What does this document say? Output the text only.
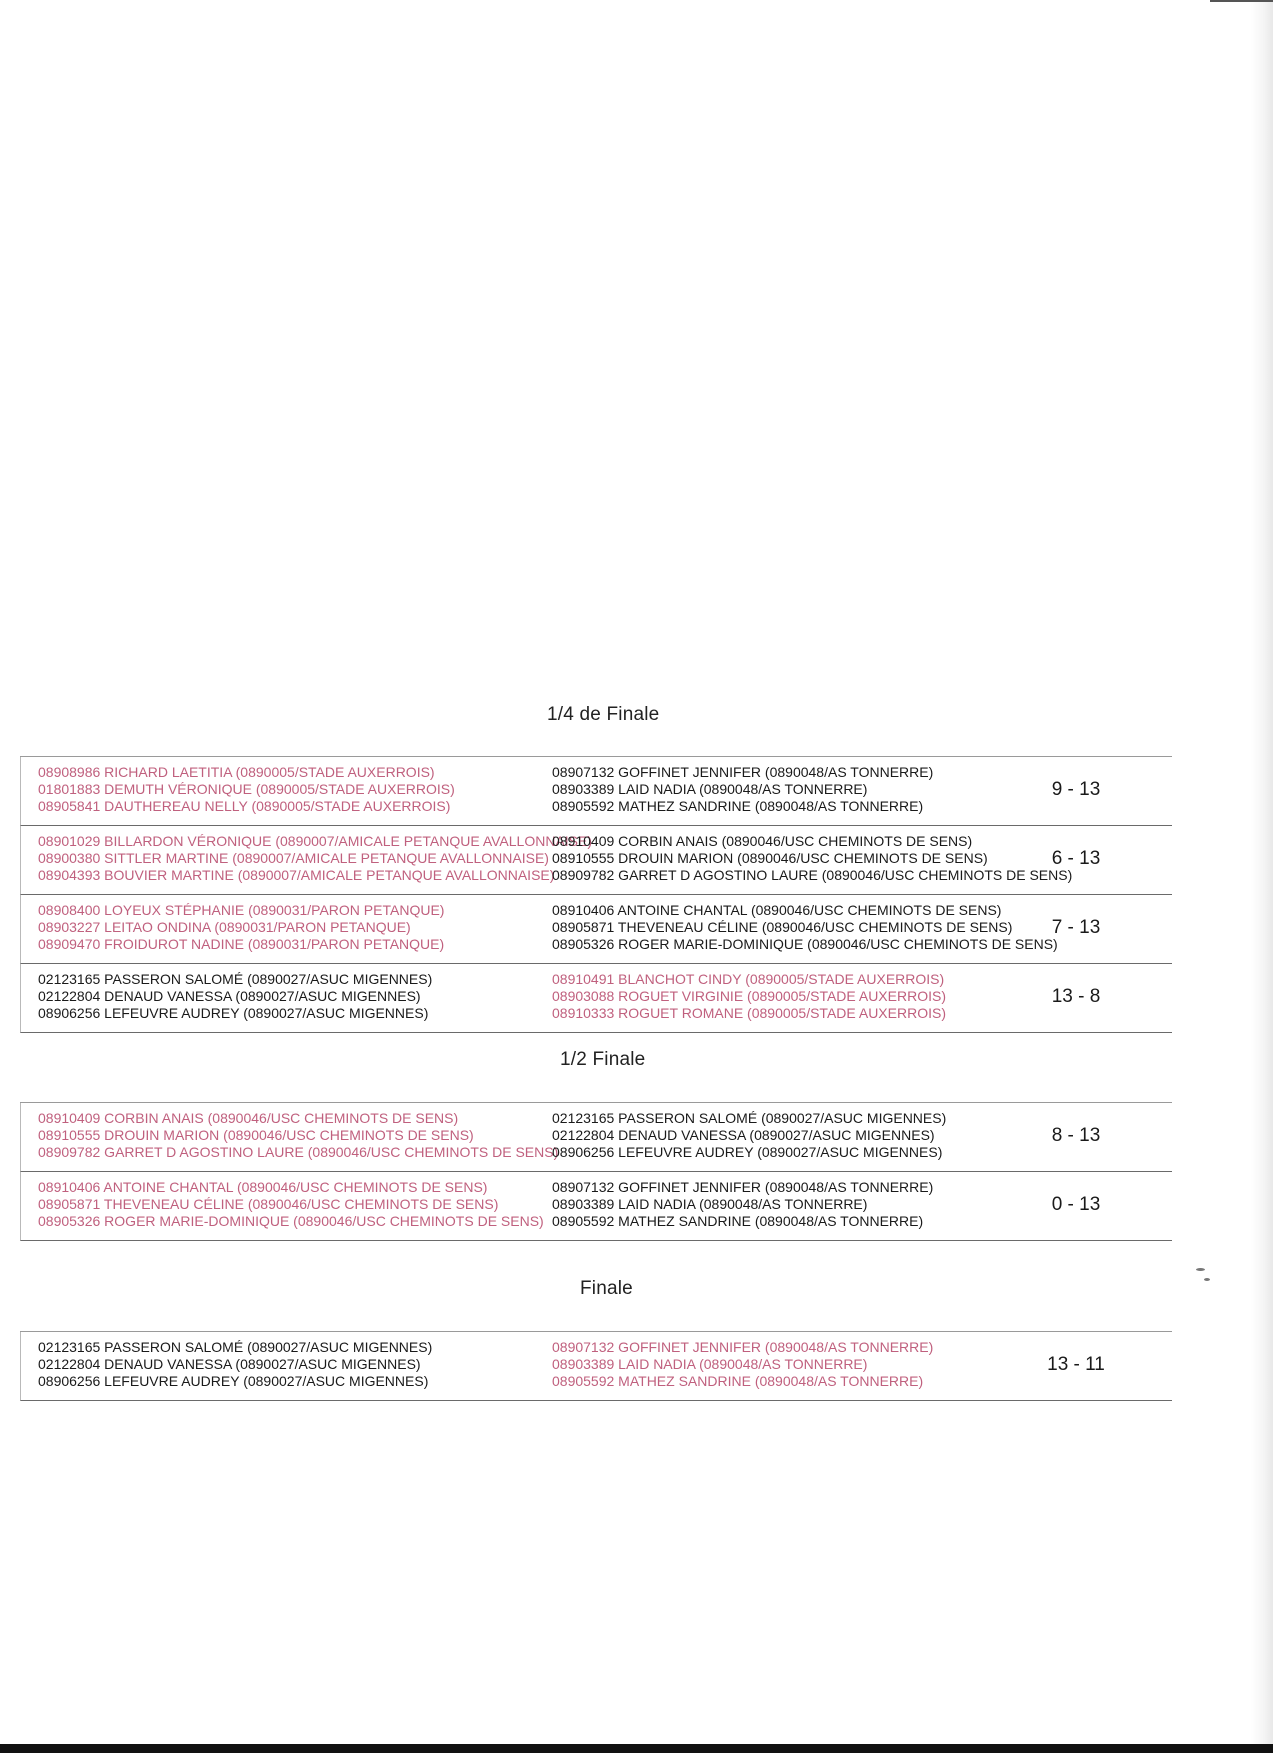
1/4 de Finale
08908986 RICHARD LAETITIA (0890005/STADE AUXERROIS)
01801883 DEMUTH VÉRONIQUE (0890005/STADE AUXERROIS)
08905841 DAUTHEREAU NELLY (0890005/STADE AUXERROIS)
08907132 GOFFINET JENNIFER (0890048/AS TONNERRE)
08903389 LAID NADIA (0890048/AS TONNERRE)
08905592 MATHEZ SANDRINE (0890048/AS TONNERRE)
9 - 13
08901029 BILLARDON VÉRONIQUE (0890007/AMICALE PETANQUE AVALLONNAISE)
08900380 SITTLER MARTINE (0890007/AMICALE PETANQUE AVALLONNAISE)
08904393 BOUVIER MARTINE (0890007/AMICALE PETANQUE AVALLONNAISE)
08910409 CORBIN ANAIS (0890046/USC CHEMINOTS DE SENS)
08910555 DROUIN MARION (0890046/USC CHEMINOTS DE SENS)
08909782 GARRET D AGOSTINO LAURE (0890046/USC CHEMINOTS DE SENS)
6 - 13
08908400 LOYEUX STÉPHANIE (0890031/PARON PETANQUE)
08903227 LEITAO ONDINA (0890031/PARON PETANQUE)
08909470 FROIDUROT NADINE (0890031/PARON PETANQUE)
08910406 ANTOINE CHANTAL (0890046/USC CHEMINOTS DE SENS)
08905871 THEVENEAU CÉLINE (0890046/USC CHEMINOTS DE SENS)
08905326 ROGER MARIE-DOMINIQUE (0890046/USC CHEMINOTS DE SENS)
7 - 13
02123165 PASSERON SALOMÉ (0890027/ASUC MIGENNES)
02122804 DENAUD VANESSA (0890027/ASUC MIGENNES)
08906256 LEFEUVRE AUDREY (0890027/ASUC MIGENNES)
08910491 BLANCHOT CINDY (0890005/STADE AUXERROIS)
08903088 ROGUET VIRGINIE (0890005/STADE AUXERROIS)
08910333 ROGUET ROMANE (0890005/STADE AUXERROIS)
13 - 8
1/2 Finale
08910409 CORBIN ANAIS (0890046/USC CHEMINOTS DE SENS)
08910555 DROUIN MARION (0890046/USC CHEMINOTS DE SENS)
08909782 GARRET D AGOSTINO LAURE (0890046/USC CHEMINOTS DE SENS)
02123165 PASSERON SALOMÉ (0890027/ASUC MIGENNES)
02122804 DENAUD VANESSA (0890027/ASUC MIGENNES)
08906256 LEFEUVRE AUDREY (0890027/ASUC MIGENNES)
8 - 13
08910406 ANTOINE CHANTAL (0890046/USC CHEMINOTS DE SENS)
08905871 THEVENEAU CÉLINE (0890046/USC CHEMINOTS DE SENS)
08905326 ROGER MARIE-DOMINIQUE (0890046/USC CHEMINOTS DE SENS)
08907132 GOFFINET JENNIFER (0890048/AS TONNERRE)
08903389 LAID NADIA (0890048/AS TONNERRE)
08905592 MATHEZ SANDRINE (0890048/AS TONNERRE)
0 - 13
Finale
02123165 PASSERON SALOMÉ (0890027/ASUC MIGENNES)
02122804 DENAUD VANESSA (0890027/ASUC MIGENNES)
08906256 LEFEUVRE AUDREY (0890027/ASUC MIGENNES)
08907132 GOFFINET JENNIFER (0890048/AS TONNERRE)
08903389 LAID NADIA (0890048/AS TONNERRE)
08905592 MATHEZ SANDRINE (0890048/AS TONNERRE)
13 - 11
